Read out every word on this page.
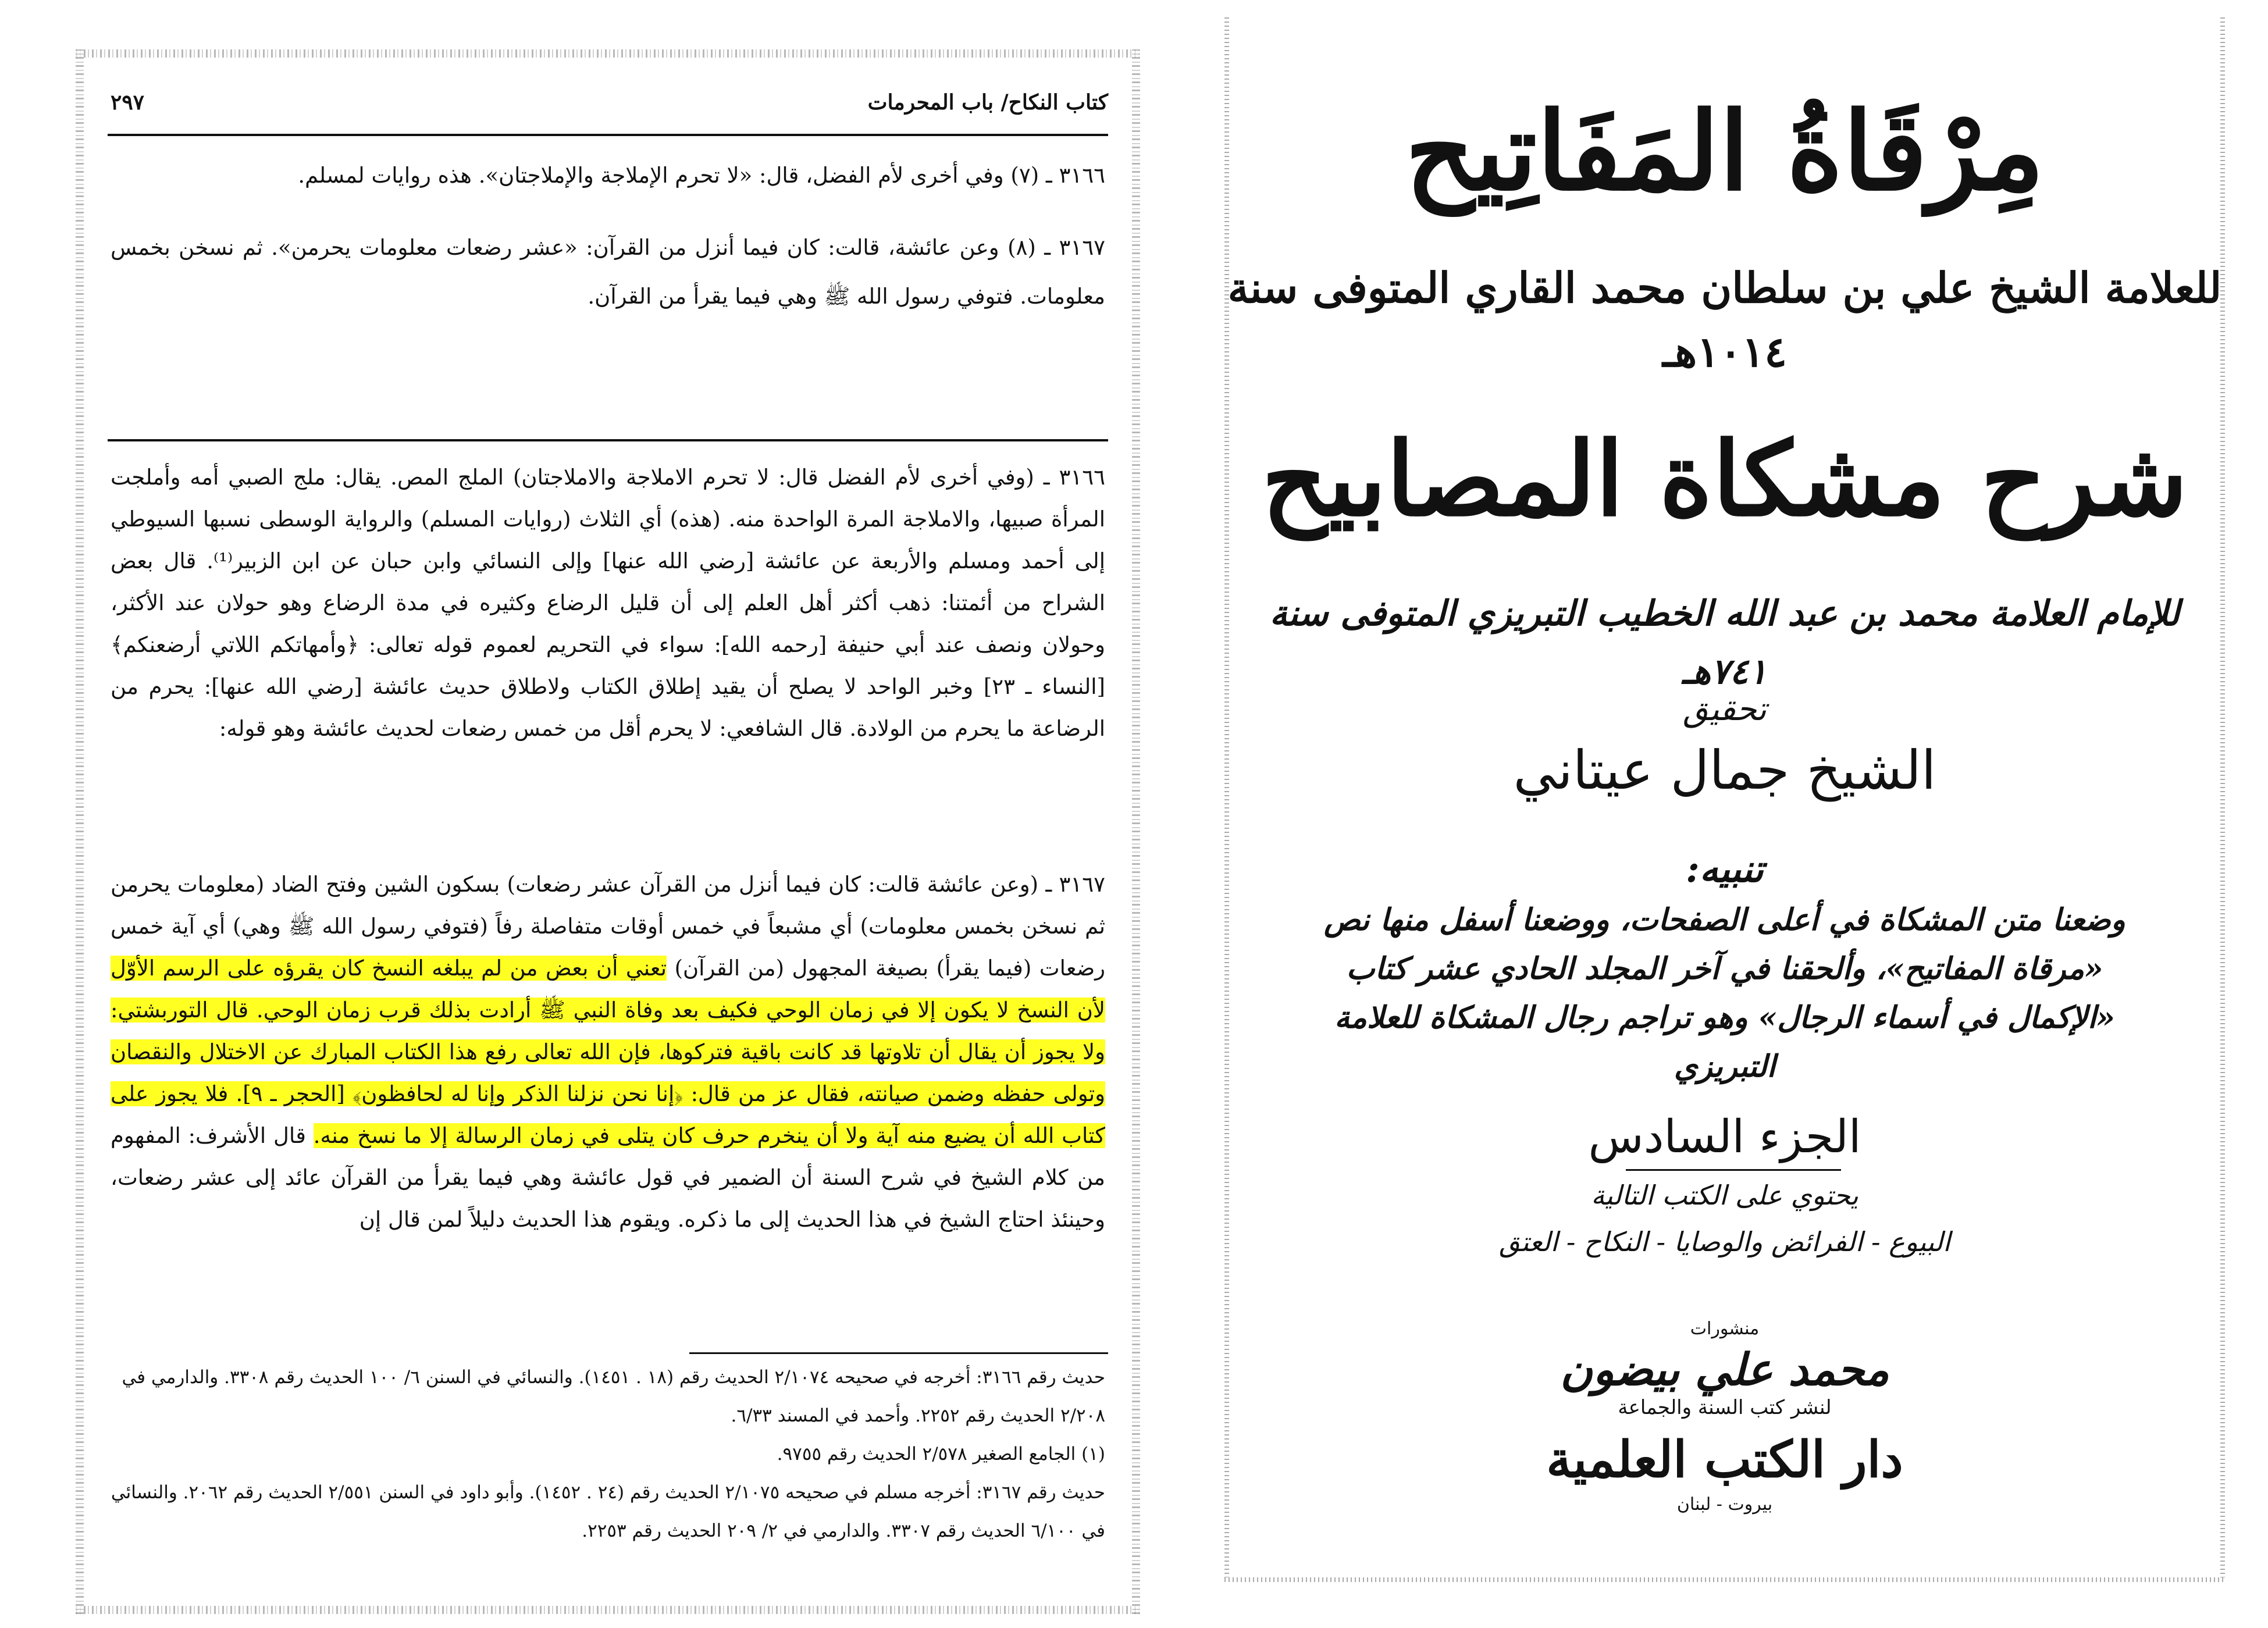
كتاب النكاح/ باب المحرمات
٢٩٧

٣١٦٦ ـ (٧) وفي أخرى لأم الفضل، قال: «لا تحرم الإملاجة والإملاجتان». هذه روايات لمسلم.

٣١٦٧ ـ (٨) وعن عائشة، قالت: كان فيما أنزل من القرآن: «عشر رضعات معلومات يحرمن». ثم نسخن بخمس معلومات. فتوفي رسول الله ﷺ وهي فيما يقرأ من القرآن.

٣١٦٦ ـ (وفي أخرى لأم الفضل قال: لا تحرم الاملاجة والاملاجتان) الملج المص. يقال: ملج الصبي أمه وأملجت المرأة صبيها، والاملاجة المرة الواحدة منه. (هذه) أي الثلاث (روايات المسلم) والرواية الوسطى نسبها السيوطي إلى أحمد ومسلم والأربعة عن عائشة [رضي الله عنها] وإلى النسائي وابن حبان عن ابن الزبير⁽¹⁾. قال بعض الشراح من أئمتنا: ذهب أكثر أهل العلم إلى أن قليل الرضاع وكثيره في مدة الرضاع وهو حولان عند الأكثر، وحولان ونصف عند أبي حنيفة [رحمه الله]: سواء في التحريم لعموم قوله تعالى: ﴿وأمهاتكم اللاتي أرضعنكم﴾ [النساء ـ ٢٣] وخبر الواحد لا يصلح أن يقيد إطلاق الكتاب ولاطلاق حديث عائشة [رضي الله عنها]: يحرم من الرضاعة ما يحرم من الولادة. قال الشافعي: لا يحرم أقل من خمس رضعات لحديث عائشة وهو قوله:

٣١٦٧ ـ (وعن عائشة قالت: كان فيما أنزل من القرآن عشر رضعات) بسكون الشين وفتح الضاد (معلومات يحرمن ثم نسخن بخمس معلومات) أي مشبعاً في خمس أوقات متفاصلة رفاً (فتوفي رسول الله ﷺ وهي) أي آية خمس رضعات (فيما يقرأ) بصيغة المجهول (من القرآن) تعني أن بعض من لم يبلغه النسخ كان يقرؤه على الرسم الأوّل لأن النسخ لا يكون إلا في زمان الوحي فكيف بعد وفاة النبي ﷺ أرادت بذلك قرب زمان الوحي. قال التوربشتي: ولا يجوز أن يقال أن تلاوتها قد كانت باقية فتركوها، فإن الله تعالى رفع هذا الكتاب المبارك عن الاختلال والنقصان وتولى حفظه وضمن صيانته، فقال عز من قال: ﴿إنا نحن نزلنا الذكر وإنا له لحافظون﴾ [الحجر ـ ٩]. فلا يجوز على كتاب الله أن يضيع منه آية ولا أن ينخرم حرف كان يتلى في زمان الرسالة إلا ما نسخ منه. قال الأشرف: المفهوم من كلام الشيخ في شرح السنة أن الضمير في قول عائشة وهي فيما يقرأ من القرآن عائد إلى عشر رضعات، وحينئذ احتاج الشيخ في هذا الحديث إلى ما ذكره. ويقوم هذا الحديث دليلاً لمن قال إن

حديث رقم ٣١٦٦: أخرجه في صحيحه ٢/١٠٧٤ الحديث رقم (١٨ . ١٤٥١). والنسائي في السنن ٦/ ١٠٠ الحديث رقم ٣٣٠٨. والدارمي في ٢/٢٠٨ الحديث رقم ٢٢٥٢. وأحمد في المسند ٦/٣٣.

(١) الجامع الصغير ٢/٥٧٨ الحديث رقم ٩٧٥٥.

حديث رقم ٣١٦٧: أخرجه مسلم في صحيحه ٢/١٠٧٥ الحديث رقم (٢٤ . ١٤٥٢). وأبو داود في السنن ٢/٥٥١ الحديث رقم ٢٠٦٢. والنسائي في ٦/١٠٠ الحديث رقم ٣٣٠٧. والدارمي في ٢/ ٢٠٩ الحديث رقم ٢٢٥٣.

مِرْقَاةُ المَفَاتِيح
للعلامة الشيخ علي بن سلطان محمد القاري المتوفى سنة ١٠١٤هـ
شرح مشكاة المصابيح
للإمام العلامة محمد بن عبد الله الخطيب التبريزي المتوفى سنة ٧٤١هـ
تحقيق
الشيخ جمال عيتاني
تنبيه:
وضعنا متن المشكاة في أعلى الصفحات، ووضعنا أسفل منها نص «مرقاة المفاتيح»، وألحقنا في آخر المجلد الحادي عشر كتاب «الإكمال في أسماء الرجال» وهو تراجم رجال المشكاة للعلامة التبريزي
الجزء السادس
يحتوي على الكتب التالية
البيوع - الفرائض والوصايا - النكاح - العتق
منشورات
محمد علي بيضون
لنشر كتب السنة والجماعة
دار الكتب العلمية
بيروت - لبنان
